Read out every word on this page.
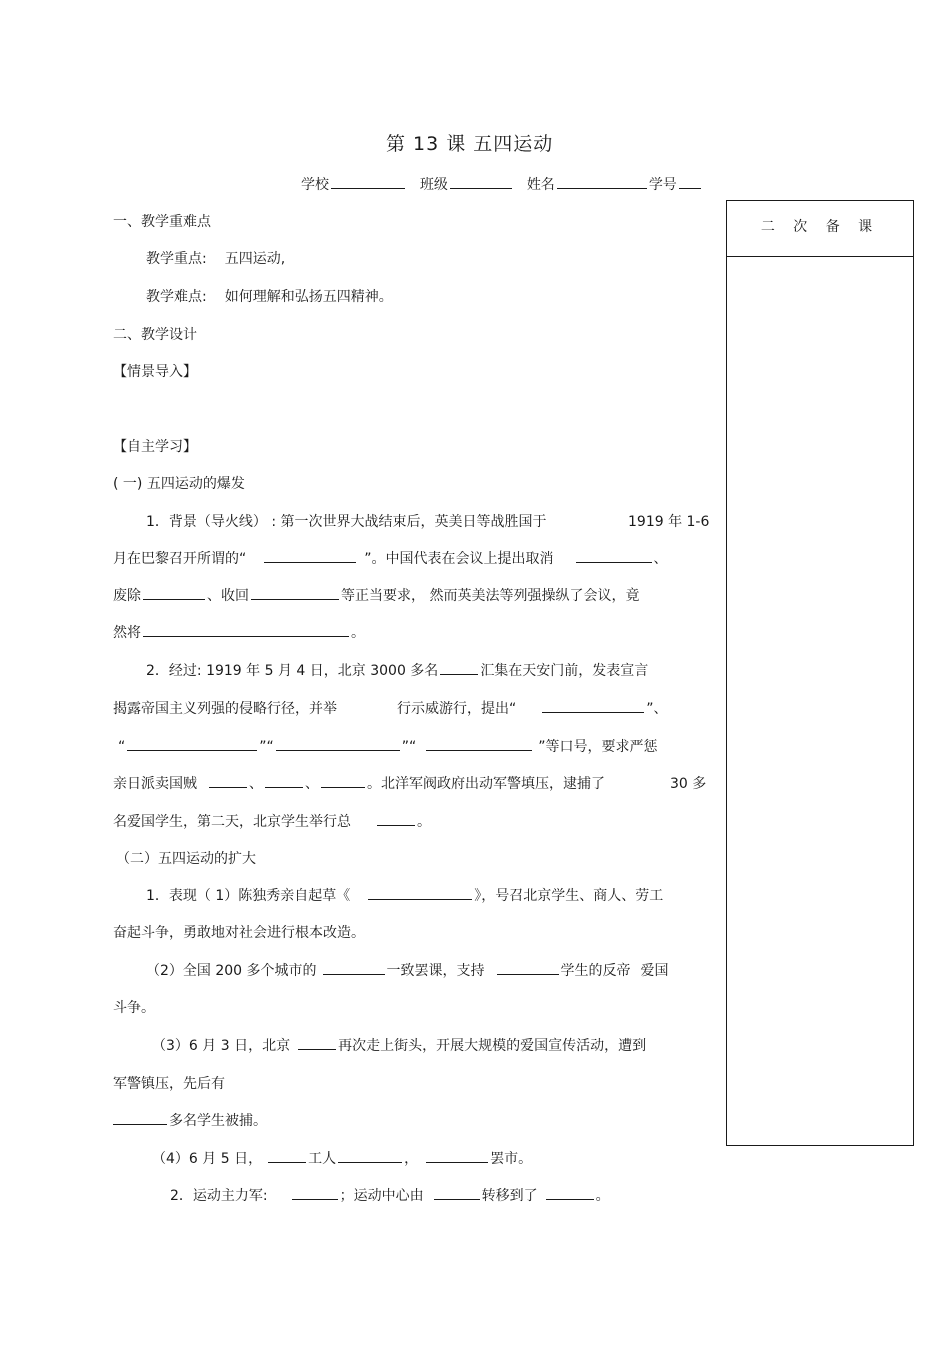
第 13 课 五四运动
学校	班级	姓名	学号
二 次 备 课
一、教学重难点
教学重点: 五四运动,
教学难点: 如何理解和弘扬五四精神。
二、教学设计
【情景导入】
【自主学习】
( 一) 五四运动的爆发
1．背景（导火线） : 第一次世界大战结束后，英美日等战胜国于	1919 年 1-6
月在巴黎召开所谓的“	”。中国代表在会议上提出取消	、
废除	、收回	等正当要求， 然而英美法等列强操纵了会议，竟
然将	。
2．经过: 1919 年 5 月 4 日，北京 3000 多名	汇集在天安门前，发表宣言
揭露帝国主义列强的侵略行径，并举	行示威游行，提出“	”、
“	”“	”“	”等口号，要求严惩
亲日派卖国贼	、	、	。北洋军阀政府出动军警填压，逮捕了	30 多
名爱国学生，第二天，北京学生举行总	。
（二）五四运动的扩大
1．表现（ 1）陈独秀亲自起草《	》，号召北京学生、商人、劳工
奋起斗争，勇敢地对社会进行根本改造。
（2）全国 200 多个城市的	一致罢课，支持	学生的反帝 爱国
斗争。
（3）6 月 3 日，北京	再次走上街头，开展大规模的爱国宣传活动，遭到
军警镇压，先后有
多名学生被捕。
（4）6 月 5 日，	工人	，	罢市。
2．运动主力军:	；运动中心由	转移到了	。
